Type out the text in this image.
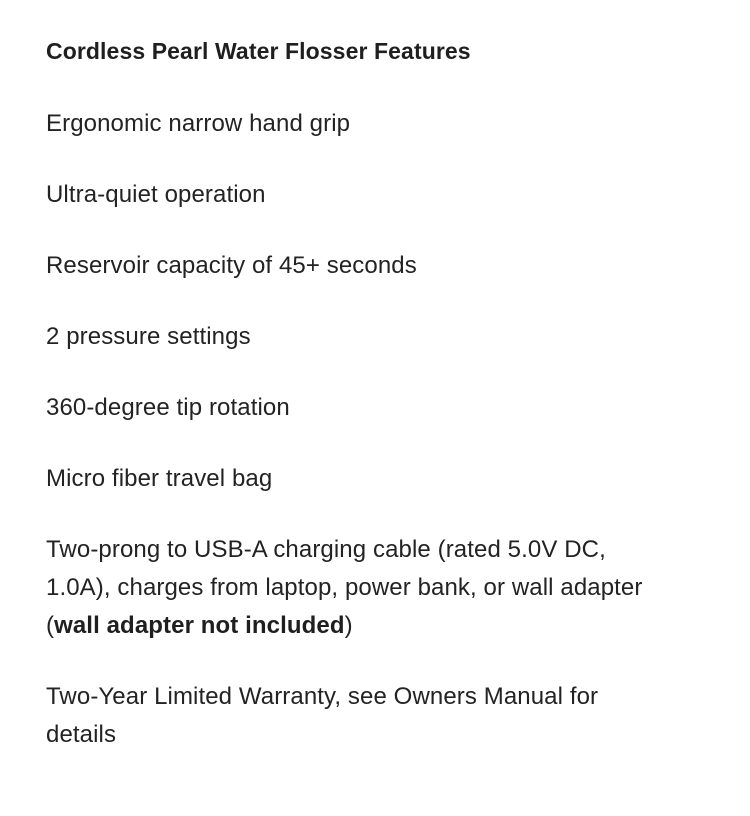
Cordless Pearl Water Flosser Features
Ergonomic narrow hand grip
Ultra-quiet operation
Reservoir capacity of 45+ seconds
2 pressure settings
360-degree tip rotation
Micro fiber travel bag
Two-prong to USB-A charging cable (rated 5.0V DC, 1.0A), charges from laptop, power bank, or wall adapter (wall adapter not included)
Two-Year Limited Warranty, see Owners Manual for details
